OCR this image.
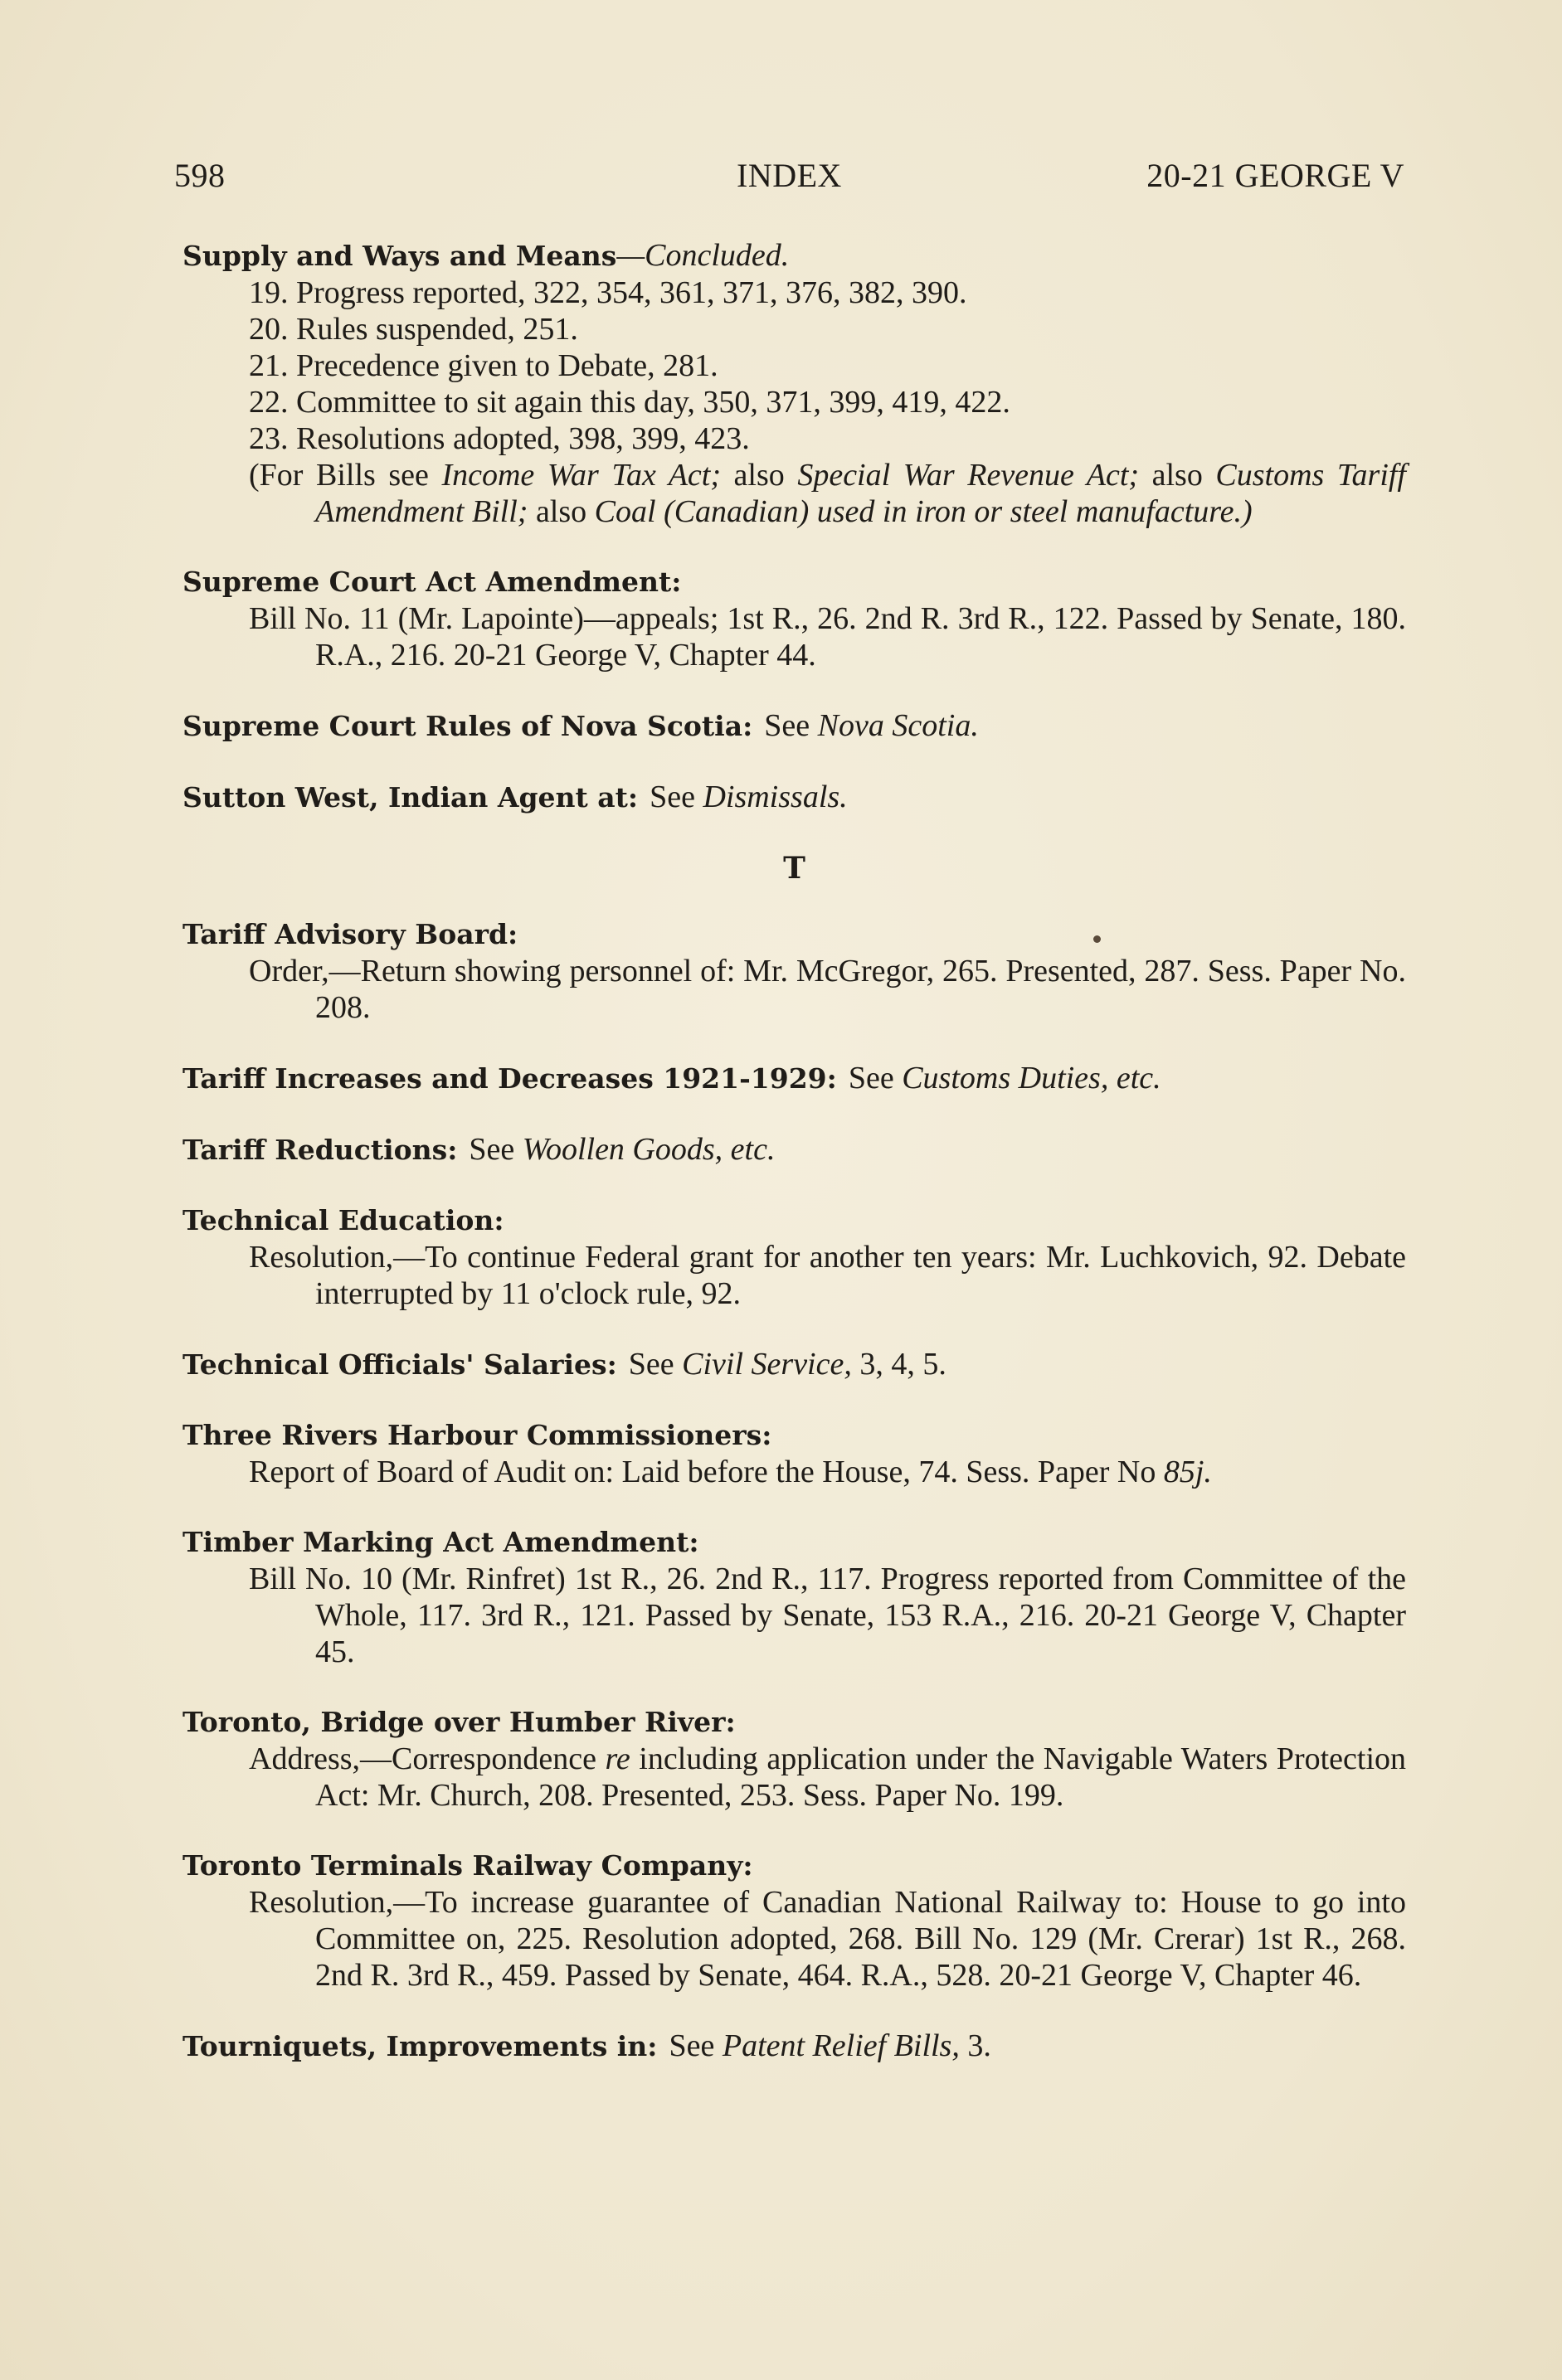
598	INDEX	20-21 GEORGE V

Supply and Ways and Means—Concluded.

19. Progress reported, 322, 354, 361, 371, 376, 382, 390.

20. Rules suspended, 251.

21. Precedence given to Debate, 281.

22. Committee to sit again this day, 350, 371, 399, 419, 422.

23. Resolutions adopted, 398, 399, 423.

(For Bills see Income War Tax Act; also Special War Revenue Act; also Customs Tariff Amendment Bill; also Coal (Canadian) used in iron or steel manufacture.)

Supreme Court Act Amendment:

Bill No. 11 (Mr. Lapointe)—appeals; 1st R., 26. 2nd R. 3rd R., 122. Passed by Senate, 180. R.A., 216. 20-21 George V, Chapter 44.

Supreme Court Rules of Nova Scotia: See Nova Scotia.

Sutton West, Indian Agent at: See Dismissals.

T

Tariff Advisory Board:

Order,—Return showing personnel of: Mr. McGregor, 265. Presented, 287. Sess. Paper No. 208.

Tariff Increases and Decreases 1921-1929: See Customs Duties, etc.

Tariff Reductions: See Woollen Goods, etc.

Technical Education:

Resolution,—To continue Federal grant for another ten years: Mr. Luchkovich, 92. Debate interrupted by 11 o'clock rule, 92.

Technical Officials' Salaries: See Civil Service, 3, 4, 5.

Three Rivers Harbour Commissioners:

Report of Board of Audit on: Laid before the House, 74. Sess. Paper No 85j.

Timber Marking Act Amendment:

Bill No. 10 (Mr. Rinfret) 1st R., 26. 2nd R., 117. Progress reported from Committee of the Whole, 117. 3rd R., 121. Passed by Senate, 153 R.A., 216. 20-21 George V, Chapter 45.

Toronto, Bridge over Humber River:

Address,—Correspondence re including application under the Navigable Waters Protection Act: Mr. Church, 208. Presented, 253. Sess. Paper No. 199.

Toronto Terminals Railway Company:

Resolution,—To increase guarantee of Canadian National Railway to: House to go into Committee on, 225. Resolution adopted, 268. Bill No. 129 (Mr. Crerar) 1st R., 268. 2nd R. 3rd R., 459. Passed by Senate, 464. R.A., 528. 20-21 George V, Chapter 46.

Tourniquets, Improvements in: See Patent Relief Bills, 3.
